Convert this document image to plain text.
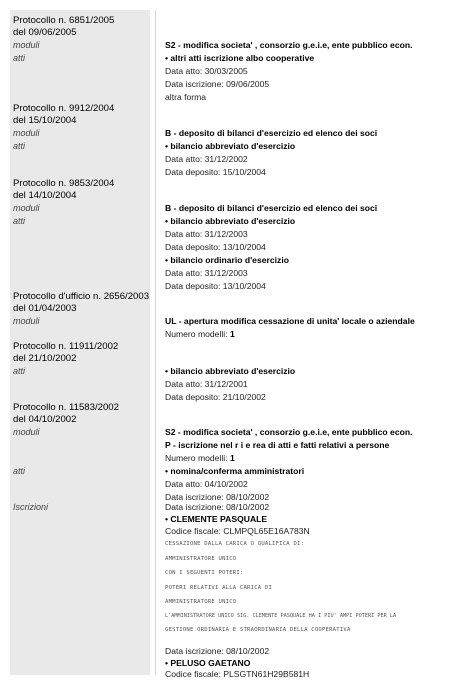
Protocollo n. 6851/2005
del 09/06/2005
moduli	S2 - modifica societa' , consorzio g.e.i.e, ente pubblico econ.
atti	• altri atti iscrizione albo cooperative
Data atto: 30/03/2005
Data iscrizione: 09/06/2005
altra forma
Protocollo n. 9912/2004
del 15/10/2004
moduli	B - deposito di bilanci d'esercizio ed elenco dei soci
atti	• bilancio abbreviato d'esercizio
Data atto: 31/12/2002
Data deposito: 15/10/2004
Protocollo n. 9853/2004
del 14/10/2004
moduli	B - deposito di bilanci d'esercizio ed elenco dei soci
atti	• bilancio abbreviato d'esercizio
Data atto: 31/12/2003
Data deposito: 13/10/2004
• bilancio ordinario d'esercizio
Data atto: 31/12/2003
Data deposito: 13/10/2004
Protocollo d'ufficio n. 2656/2003
del 01/04/2003
moduli	UL - apertura modifica cessazione di unita' locale o aziendale
Numero modelli: 1
Protocollo n. 11911/2002
del 21/10/2002
atti	• bilancio abbreviato d'esercizio
Data atto: 31/12/2001
Data deposito: 21/10/2002
Protocollo n. 11583/2002
del 04/10/2002
moduli	S2 - modifica societa' , consorzio g.e.i.e, ente pubblico econ.
P - iscrizione nel r i e rea di atti e fatti relativi a persone
Numero modelli: 1
atti	• nomina/conferma amministratori
Data atto: 04/10/2002
Data iscrizione: 08/10/2002
Iscrizioni	Data iscrizione: 08/10/2002
• CLEMENTE PASQUALE
Codice fiscale: CLMPQL65E16A783N
CESSAZIONE DALLA CARICA O QUALIFICA DI:
AMMINISTRATORE UNICO
CON I SEGUENTI POTERI:
POTERI RELATIVI ALLA CARICA DI
AMMINISTRATORE UNICO
L'AMMINISTRATORE UNICO SIG. CLEMENTE PASQUALE HA I PIU' AMPI POTERI PER LA
GESTIONE ORDINARIA E STRAORDINARIA DELLA COOPERATIVA
Data iscrizione: 08/10/2002
• PELUSO GAETANO
Codice fiscale: PLSGTN61H29B581H
